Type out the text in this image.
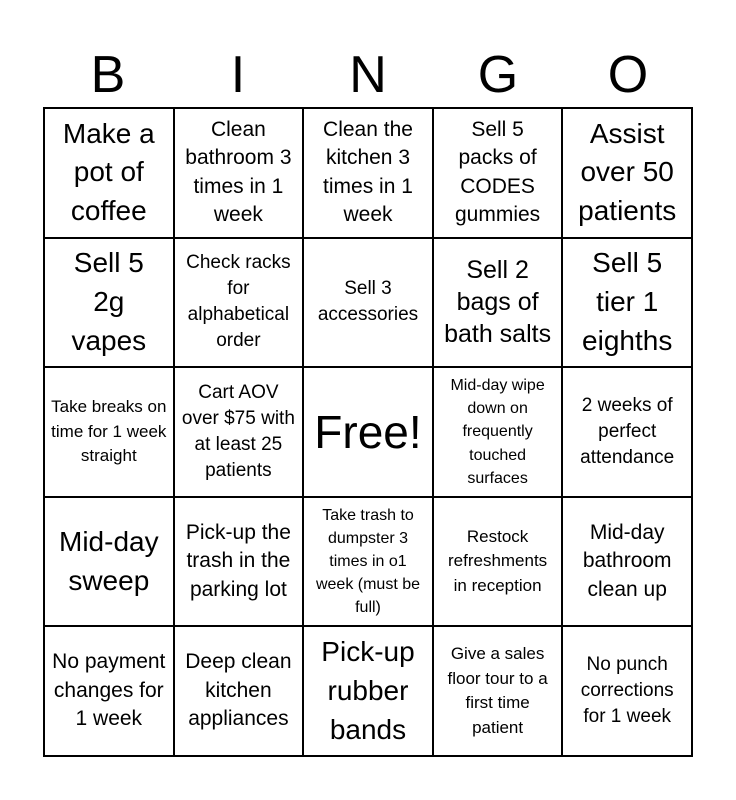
B	I	N	G	O
Make a pot of coffee
Clean bathroom 3 times in 1 week
Clean the kitchen 3 times in 1 week
Sell 5 packs of CODES gummies
Assist over 50 patients
Sell 5 2g vapes
Check racks for alphabetical order
Sell 3 accessories
Sell 2 bags of bath salts
Sell 5 tier 1 eighths
Take breaks on time for 1 week straight
Cart AOV over $75 with at least 25 patients
Free!
Mid-day wipe down on frequently touched surfaces
2 weeks of perfect attendance
Mid-day sweep
Pick-up the trash in the parking lot
Take trash to dumpster 3 times in o1 week (must be full)
Restock refreshments in reception
Mid-day bathroom clean up
No payment changes for 1 week
Deep clean kitchen appliances
Pick-up rubber bands
Give a sales floor tour to a first time patient
No punch corrections for 1 week
